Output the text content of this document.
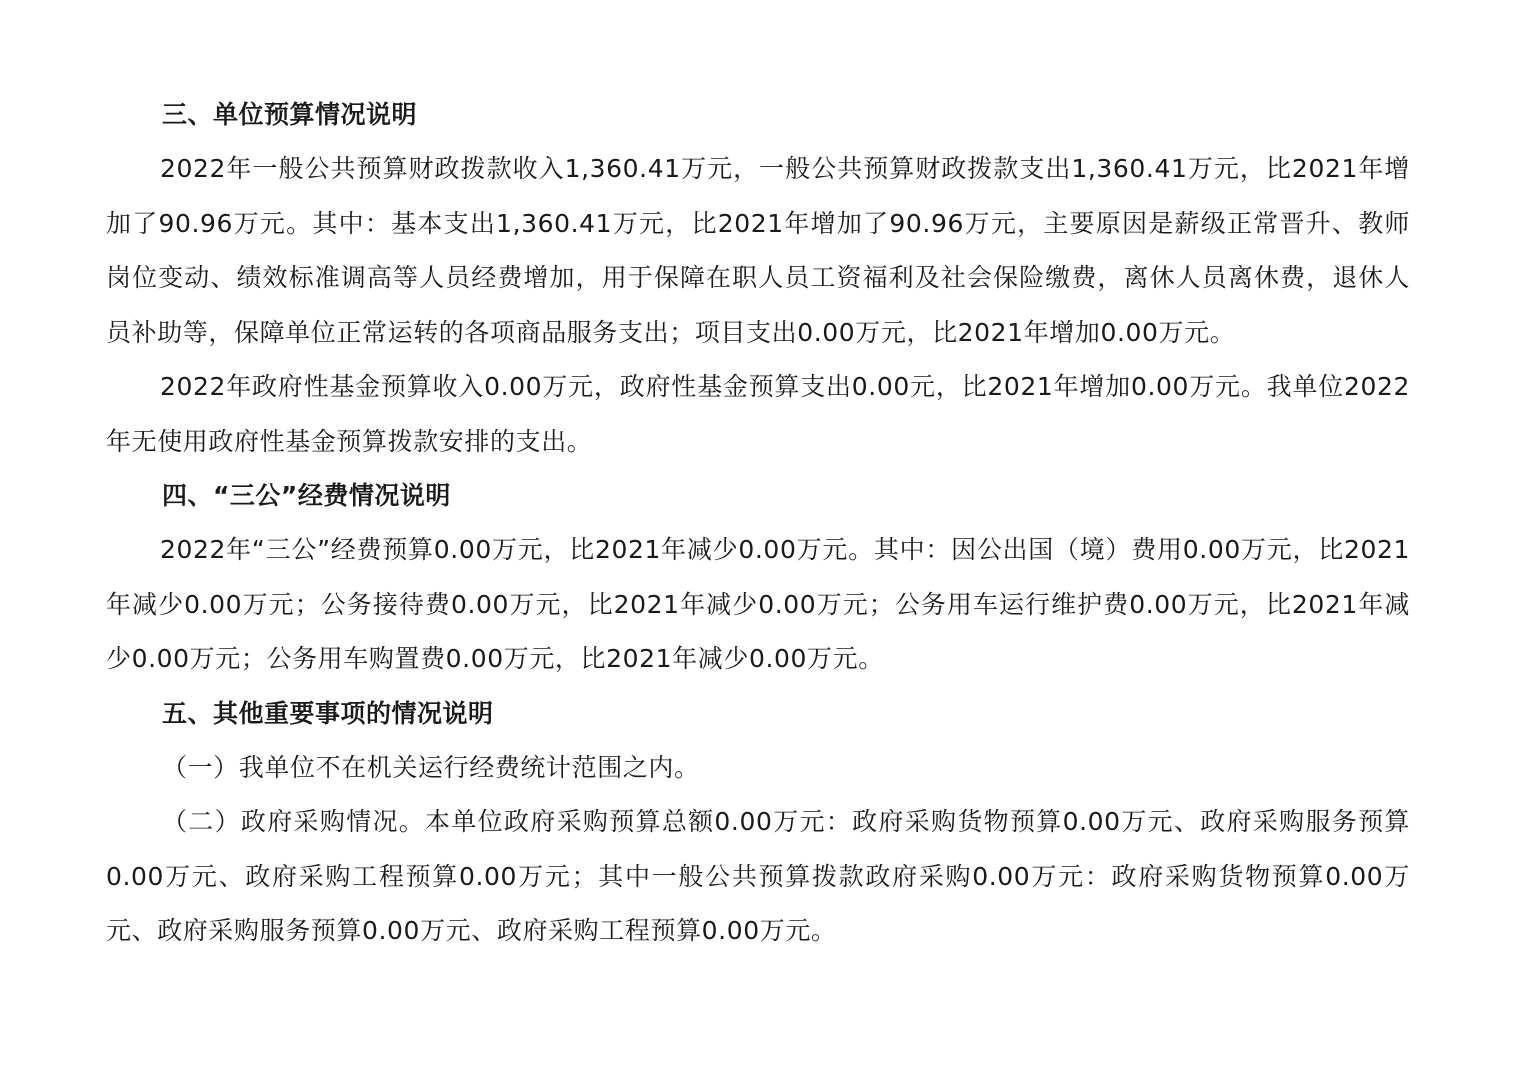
三、单位预算情况说明

2022年一般公共预算财政拨款收入1,360.41万元，一般公共预算财政拨款支出1,360.41万元，比2021年增加了90.96万元。其中：基本支出1,360.41万元，比2021年增加了90.96万元，主要原因是薪级正常晋升、教师岗位变动、绩效标准调高等人员经费增加，用于保障在职人员工资福利及社会保险缴费，离休人员离休费，退休人员补助等，保障单位正常运转的各项商品服务支出；项目支出0.00万元，比2021年增加0.00万元。

2022年政府性基金预算收入0.00万元，政府性基金预算支出0.00元，比2021年增加0.00万元。我单位2022年无使用政府性基金预算拨款安排的支出。

四、“三公”经费情况说明

2022年“三公”经费预算0.00万元，比2021年减少0.00万元。其中：因公出国（境）费用0.00万元，比2021年减少0.00万元；公务接待费0.00万元，比2021年减少0.00万元；公务用车运行维护费0.00万元，比2021年减少0.00万元；公务用车购置费0.00万元，比2021年减少0.00万元。

五、其他重要事项的情况说明

（一）我单位不在机关运行经费统计范围之内。

（二）政府采购情况。本单位政府采购预算总额0.00万元：政府采购货物预算0.00万元、政府采购服务预算0.00万元、政府采购工程预算0.00万元；其中一般公共预算拨款政府采购0.00万元：政府采购货物预算0.00万元、政府采购服务预算0.00万元、政府采购工程预算0.00万元。
